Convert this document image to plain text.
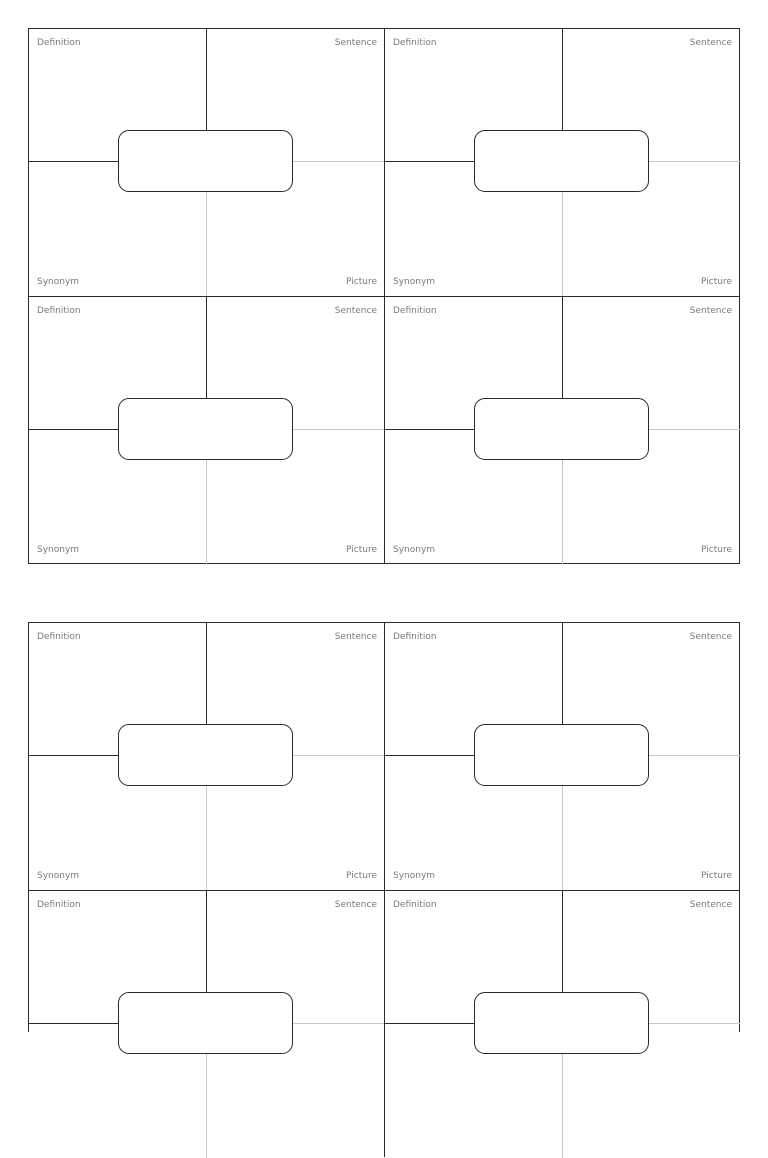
Definition	Sentence
Synonym	Picture
Definition	Sentence
Synonym	Picture
Definition	Sentence
Synonym	Picture
Definition	Sentence
Synonym	Picture
Definition	Sentence
Synonym	Picture
Definition	Sentence
Synonym	Picture
Definition	Sentence Definition	Sentence
